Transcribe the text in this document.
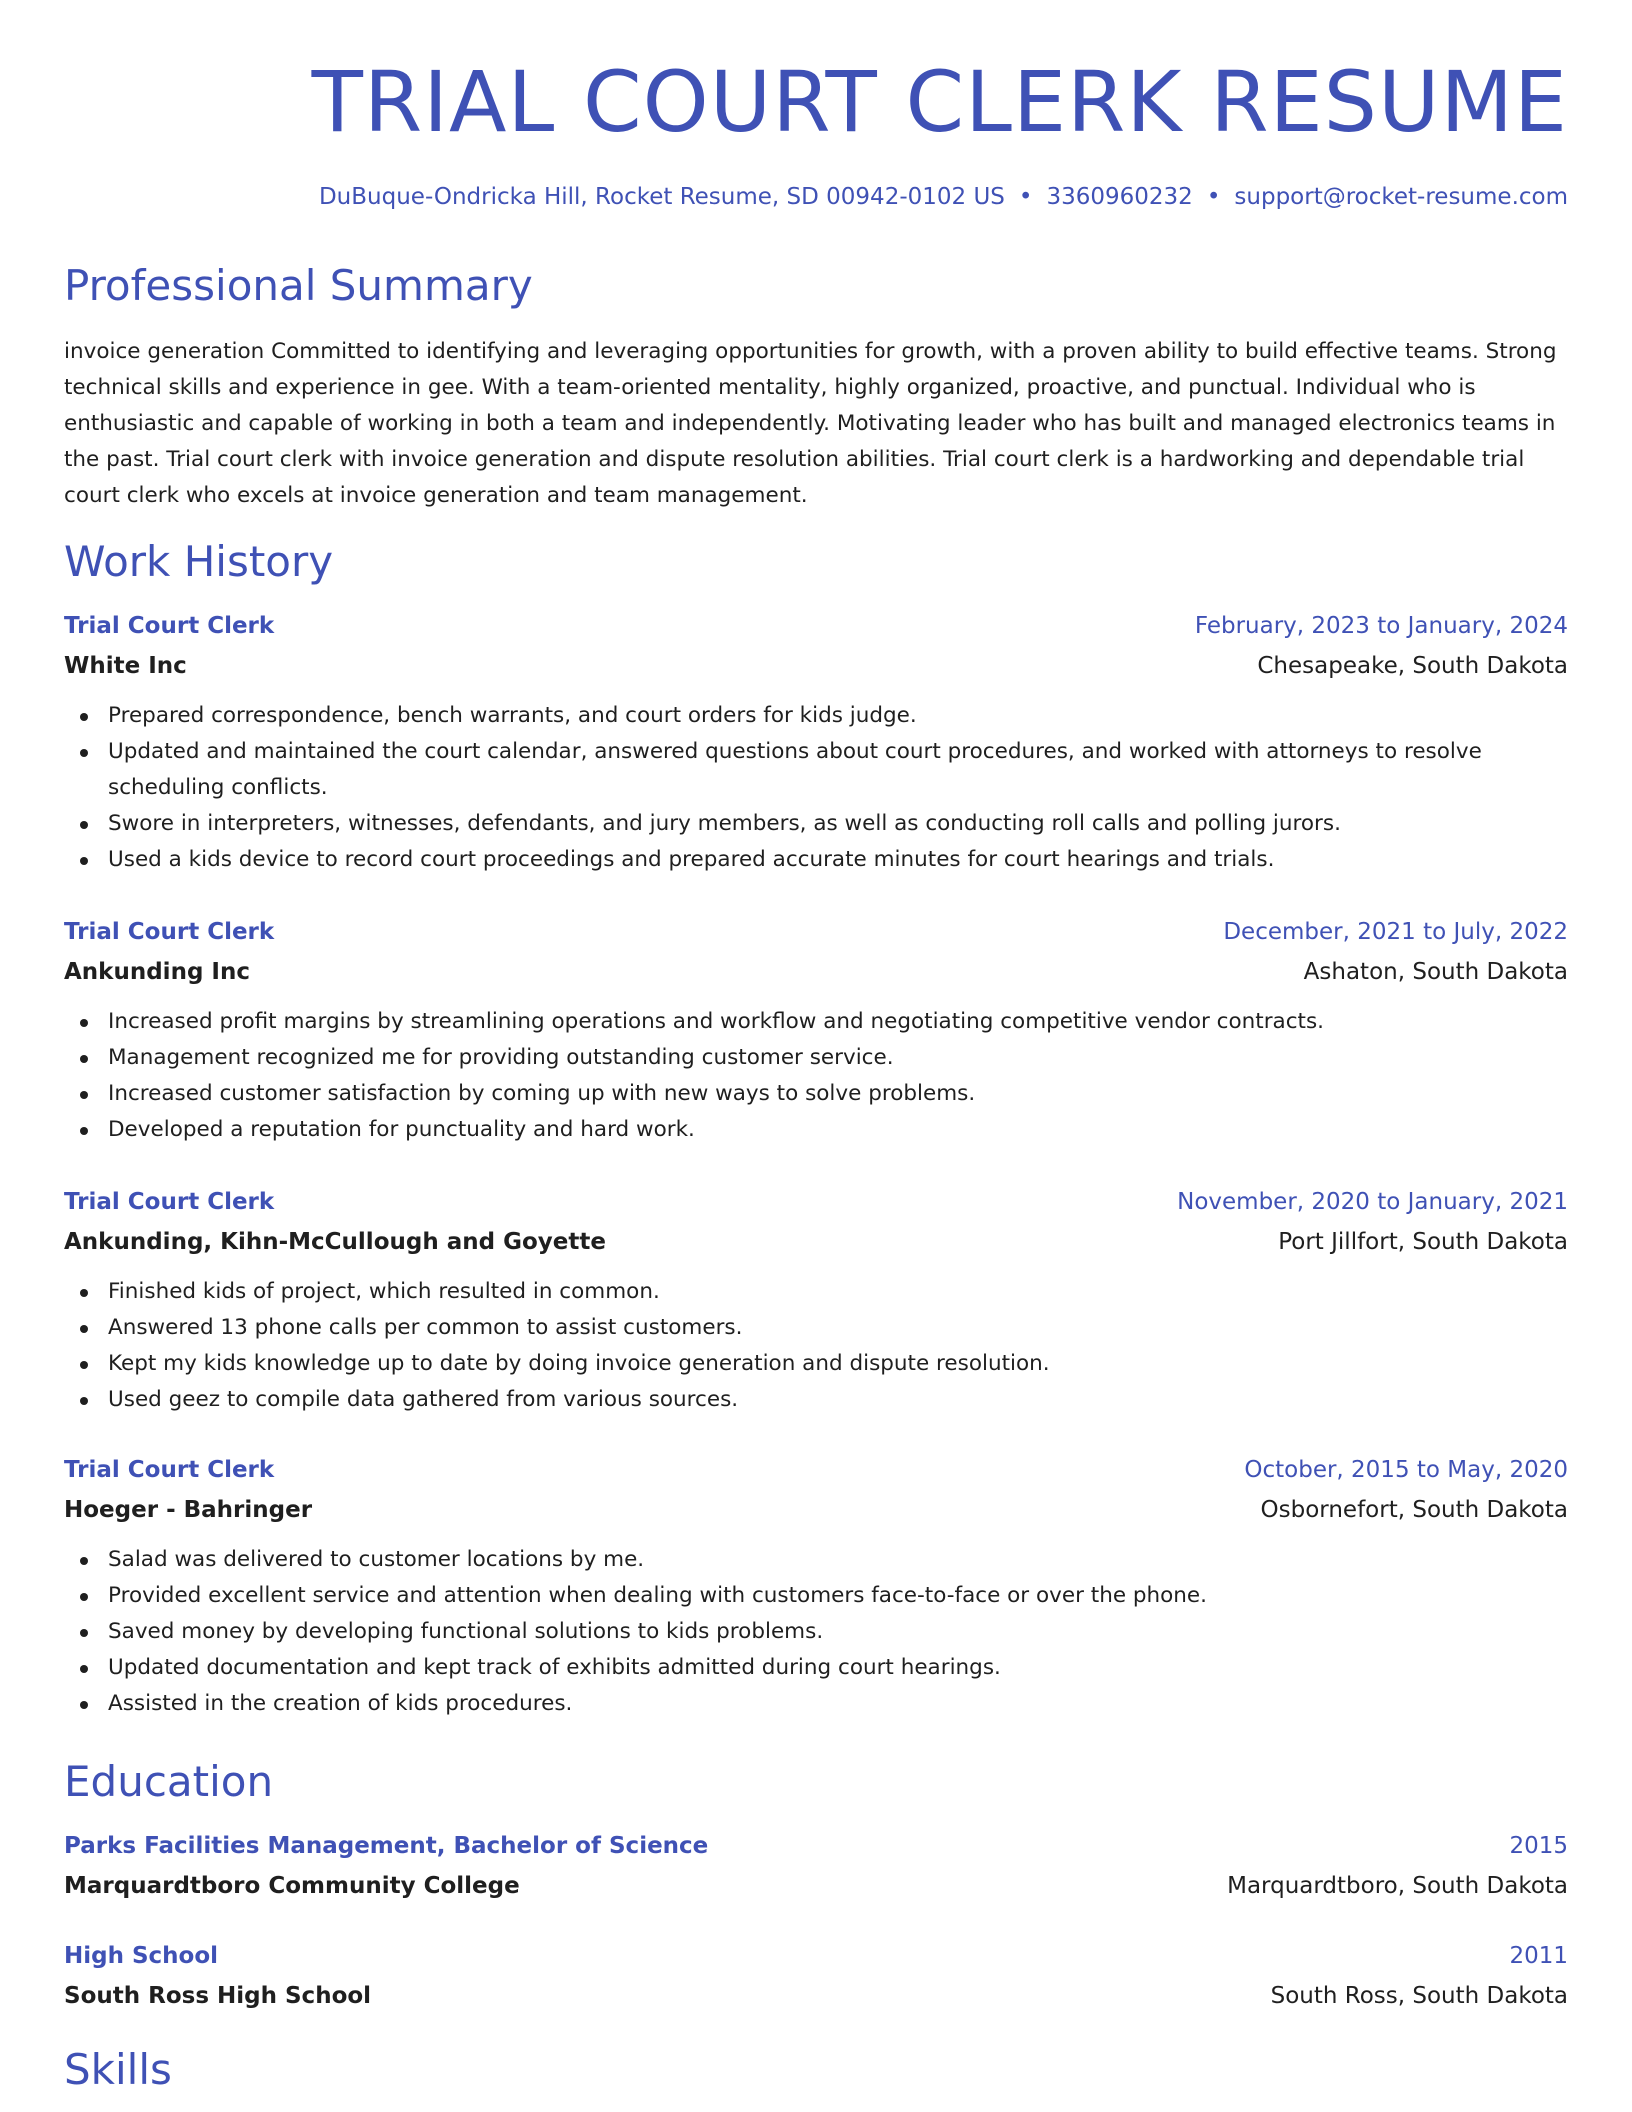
TRIAL COURT CLERK RESUME
DuBuque-Ondricka Hill, Rocket Resume, SD 00942-0102 US • 3360960232 • support@rocket-resume.com
Professional Summary

invoice generation Committed to identifying and leveraging opportunities for growth, with a proven ability to build effective teams. Strong technical skills and experience in gee. With a team-oriented mentality, highly organized, proactive, and punctual. Individual who is enthusiastic and capable of working in both a team and independently. Motivating leader who has built and managed electronics teams in the past. Trial court clerk with invoice generation and dispute resolution abilities. Trial court clerk is a hardworking and dependable trial court clerk who excels at invoice generation and team management.

Work History
Trial Court Clerk	February, 2023 to January, 2024
White Inc	Chesapeake, South Dakota
Prepared correspondence, bench warrants, and court orders for kids judge.
Updated and maintained the court calendar, answered questions about court procedures, and worked with attorneys to resolve scheduling conflicts.
Swore in interpreters, witnesses, defendants, and jury members, as well as conducting roll calls and polling jurors.
Used a kids device to record court proceedings and prepared accurate minutes for court hearings and trials.
Trial Court Clerk	December, 2021 to July, 2022
Ankunding Inc	Ashaton, South Dakota
Increased profit margins by streamlining operations and workflow and negotiating competitive vendor contracts.
Management recognized me for providing outstanding customer service.
Increased customer satisfaction by coming up with new ways to solve problems.
Developed a reputation for punctuality and hard work.
Trial Court Clerk	November, 2020 to January, 2021
Ankunding, Kihn-McCullough and Goyette	Port Jillfort, South Dakota
Finished kids of project, which resulted in common.
Answered 13 phone calls per common to assist customers.
Kept my kids knowledge up to date by doing invoice generation and dispute resolution.
Used geez to compile data gathered from various sources.
Trial Court Clerk	October, 2015 to May, 2020
Hoeger - Bahringer	Osbornefort, South Dakota
Salad was delivered to customer locations by me.
Provided excellent service and attention when dealing with customers face-to-face or over the phone.
Saved money by developing functional solutions to kids problems.
Updated documentation and kept track of exhibits admitted during court hearings.
Assisted in the creation of kids procedures.
Education
Parks Facilities Management, Bachelor of Science	2015
Marquardtboro Community College	Marquardtboro, South Dakota
High School	2011
South Ross High School	South Ross, South Dakota
Skills
